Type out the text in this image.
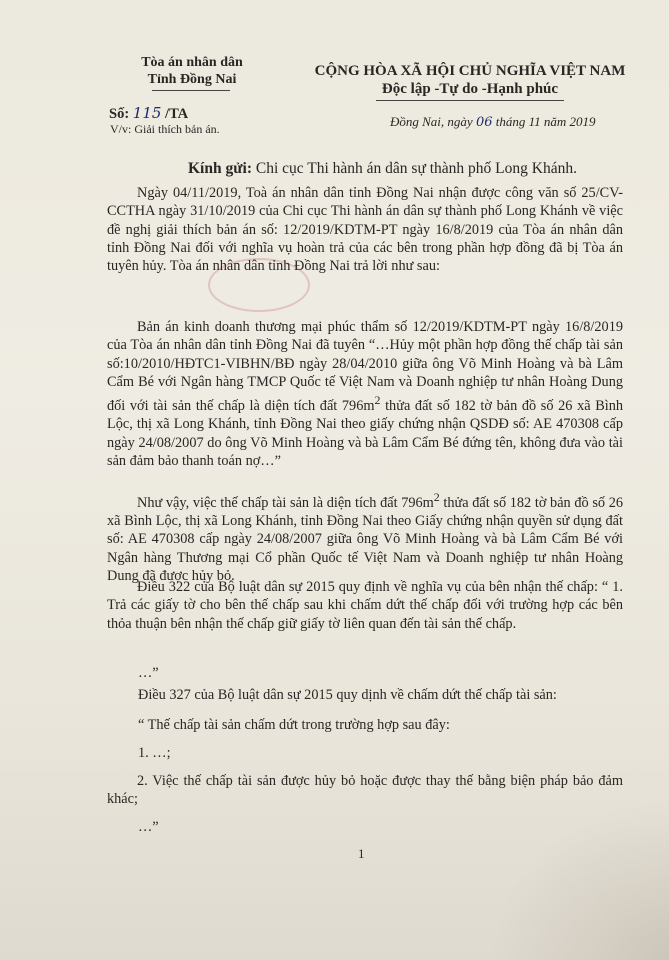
Tòa án nhân dân
Tỉnh Đồng Nai
CỘNG HÒA XÃ HỘI CHỦ NGHĨA VIỆT NAM
Độc lập -Tự do -Hạnh phúc
Số: 115 /TA
V/v: Giải thích bản án.	Đồng Nai, ngày 06 tháng 11 năm 2019
Kính gửi: Chi cục Thi hành án dân sự thành phố Long Khánh.
Ngày 04/11/2019, Toà án nhân dân tỉnh Đồng Nai nhận được công văn số 25/CV-CCTHA ngày 31/10/2019 của Chi cục Thi hành án dân sự thành phố Long Khánh về việc đề nghị giải thích bản án số: 12/2019/KDTM-PT ngày 16/8/2019 của Tòa án nhân dân tỉnh Đồng Nai đối với nghĩa vụ hoàn trả của các bên trong phần hợp đồng đã bị Tòa án tuyên hủy. Tòa án nhân dân tỉnh Đồng Nai trả lời như sau:
Bản án kinh doanh thương mại phúc thẩm số 12/2019/KDTM-PT ngày 16/8/2019 của Tòa án nhân dân tỉnh Đồng Nai đã tuyên “…Hủy một phần hợp đồng thế chấp tài sản số:10/2010/HĐTC1-VIBHN/BĐ ngày 28/04/2010 giữa ông Võ Minh Hoàng và bà Lâm Cẩm Bé với Ngân hàng TMCP Quốc tế Việt Nam và Doanh nghiệp tư nhân Hoàng Dung đối với tài sản thế chấp là diện tích đất $796m^2$ thửa đất số 182 tờ bản đồ số 26 xã Bình Lộc, thị xã Long Khánh, tỉnh Đồng Nai theo giấy chứng nhận QSDĐ số: AE 470308 cấp ngày 24/08/2007 do ông Võ Minh Hoàng và bà Lâm Cẩm Bé đứng tên, không đưa vào tài sản đảm bảo thanh toán nợ…”
Như vậy, việc thế chấp tài sản là diện tích đất $796m^2$ thửa đất số 182 tờ bản đồ số 26 xã Bình Lộc, thị xã Long Khánh, tỉnh Đồng Nai theo Giấy chứng nhận quyền sử dụng đất số: AE 470308 cấp ngày 24/08/2007 giữa ông Võ Minh Hoàng và bà Lâm Cẩm Bé với Ngân hàng Thương mại Cổ phần Quốc tế Việt Nam và Doanh nghiệp tư nhân Hoàng Dung đã được hủy bỏ.
Điều 322 của Bộ luật dân sự 2015 quy định về nghĩa vụ của bên nhận thế chấp: “ 1. Trả các giấy tờ cho bên thế chấp sau khi chấm dứt thế chấp đối với trường hợp các bên thỏa thuận bên nhận thế chấp giữ giấy tờ liên quan đến tài sản thế chấp.
…”
Điều 327 của Bộ luật dân sự 2015 quy dịnh về chấm dứt thế chấp tài sản:
“ Thế chấp tài sản chấm dứt trong trường hợp sau đây:
1. …;
2. Việc thế chấp tài sản được hủy bỏ hoặc được thay thế bằng biện pháp bảo đảm khác;
…”
1
